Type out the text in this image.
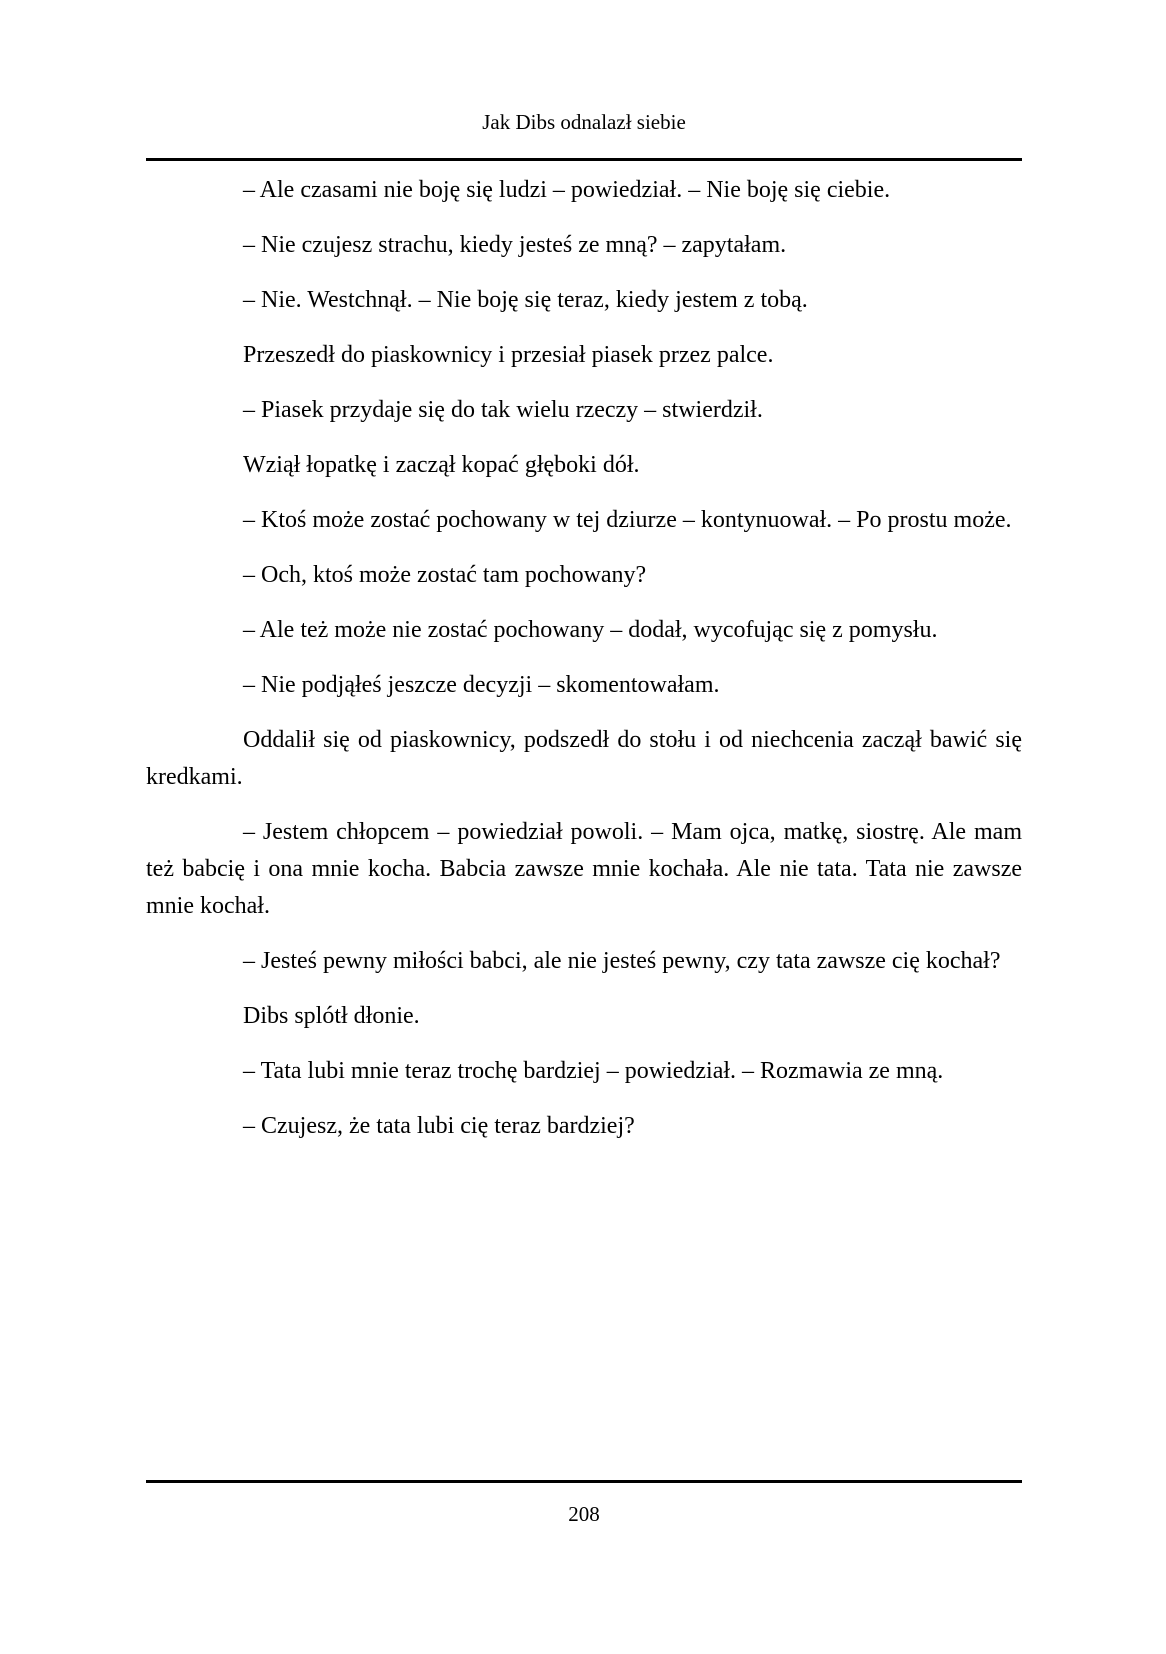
Jak Dibs odnalazł siebie

– Ale czasami nie boję się ludzi – powiedział. – Nie boję się ciebie.

– Nie czujesz strachu, kiedy jesteś ze mną? – zapytałam.

– Nie. Westchnął. – Nie boję się teraz, kiedy jestem z tobą.

Przeszedł do piaskownicy i przesiał piasek przez palce.

– Piasek przydaje się do tak wielu rzeczy – stwierdził.

Wziął łopatkę i zaczął kopać głęboki dół.

– Ktoś może zostać pochowany w tej dziurze – kontynuował. – Po prostu może.

– Och, ktoś może zostać tam pochowany?

– Ale też może nie zostać pochowany – dodał, wycofując się z pomysłu.

– Nie podjąłeś jeszcze decyzji – skomentowałam.

Oddalił się od piaskownicy, podszedł do stołu i od niechcenia zaczął bawić się kredkami.

– Jestem chłopcem – powiedział powoli. – Mam ojca, matkę, siostrę. Ale mam też babcię i ona mnie kocha. Babcia zawsze mnie kochała. Ale nie tata. Tata nie zawsze mnie kochał.

– Jesteś pewny miłości babci, ale nie jesteś pewny, czy tata zawsze cię kochał?

Dibs splótł dłonie.

– Tata lubi mnie teraz trochę bardziej – powiedział. – Rozmawia ze mną.

– Czujesz, że tata lubi cię teraz bardziej?

208
